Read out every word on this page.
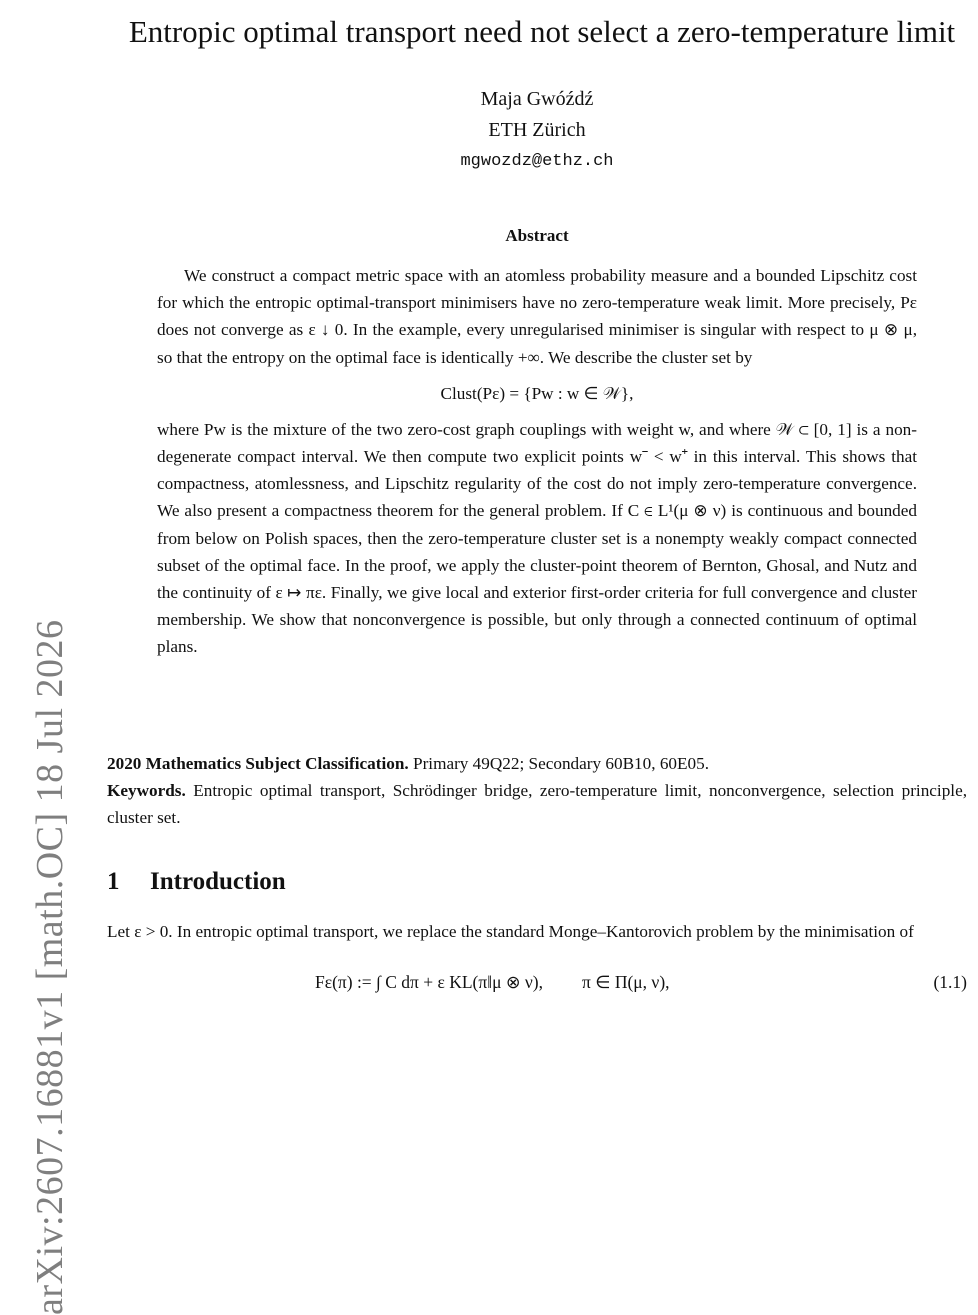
arXiv:2607.16881v1 [math.OC] 18 Jul 2026
Entropic optimal transport need not select a zero-temperature limit
Maja Gwóźdź
ETH Zürich
mgwozdz@ethz.ch
Abstract

We construct a compact metric space with an atomless probability measure and a bounded Lipschitz cost for which the entropic optimal-transport minimisers have no zero-temperature weak limit. More precisely, Pε does not converge as ε ↓ 0. In the example, every unregularised minimiser is singular with respect to μ ⊗ μ, so that the entropy on the optimal face is identically +∞. We describe the cluster set by

Clust(Pε) = {Pw : w ∈ 𝒲},

where Pw is the mixture of the two zero-cost graph couplings with weight w, and where 𝒲 ⊂ [0, 1] is a non-degenerate compact interval. We then compute two explicit points w⁻ < w⁺ in this interval. This shows that compactness, atomlessness, and Lipschitz regularity of the cost do not imply zero-temperature convergence. We also present a compactness theorem for the general problem. If C ∈ L¹(μ ⊗ ν) is continuous and bounded from below on Polish spaces, then the zero-temperature cluster set is a nonempty weakly compact connected subset of the optimal face. In the proof, we apply the cluster-point theorem of Bernton, Ghosal, and Nutz and the continuity of ε ↦ πε. Finally, we give local and exterior first-order criteria for full convergence and cluster membership. We show that nonconvergence is possible, but only through a connected continuum of optimal plans.

2020 Mathematics Subject Classification. Primary 49Q22; Secondary 60B10, 60E05.

Keywords. Entropic optimal transport, Schrödinger bridge, zero-temperature limit, nonconvergence, selection principle, cluster set.

1 Introduction

Let ε > 0. In entropic optimal transport, we replace the standard Monge–Kantorovich problem by the minimisation of

Fε(π) := ∫ C dπ + ε KL(π‖μ ⊗ ν), π ∈ Π(μ, ν),	(1.1)
